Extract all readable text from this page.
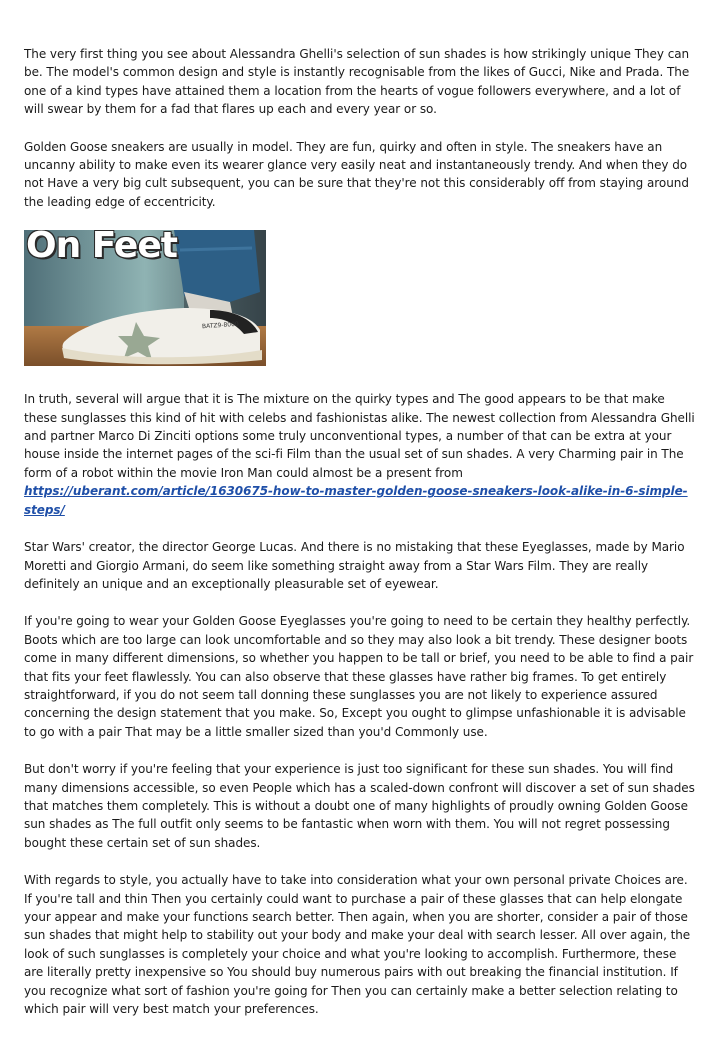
The very first thing you see about Alessandra Ghelli's selection of sun shades is how strikingly unique They can be. The model's common design and style is instantly recognisable from the likes of Gucci, Nike and Prada. The one of a kind types have attained them a location from the hearts of vogue followers everywhere, and a lot of will swear by them for a fad that flares up each and every year or so.

Golden Goose sneakers are usually in model. They are fun, quirky and often in style. The sneakers have an uncanny ability to make even its wearer glance very easily neat and instantaneously trendy. And when they do not Have a very big cult subsequent, you can be sure that they're not this considerably off from staying around the leading edge of eccentricity.

On Feet
BATZ9-8000

In truth, several will argue that it is The mixture on the quirky types and The good appears to be that make these sunglasses this kind of hit with celebs and fashionistas alike. The newest collection from Alessandra Ghelli and partner Marco Di Zinciti options some truly unconventional types, a number of that can be extra at your house inside the internet pages of the sci-fi Film than the usual set of sun shades. A very Charming pair in The form of a robot within the movie Iron Man could almost be a present from https://uberant.com/article/1630675-how-to-master-golden-goose-sneakers-look-alike-in-6-simple-steps/

Star Wars' creator, the director George Lucas. And there is no mistaking that these Eyeglasses, made by Mario Moretti and Giorgio Armani, do seem like something straight away from a Star Wars Film. They are really definitely an unique and an exceptionally pleasurable set of eyewear.

If you're going to wear your Golden Goose Eyeglasses you're going to need to be certain they healthy perfectly. Boots which are too large can look uncomfortable and so they may also look a bit trendy. These designer boots come in many different dimensions, so whether you happen to be tall or brief, you need to be able to find a pair that fits your feet flawlessly. You can also observe that these glasses have rather big frames. To get entirely straightforward, if you do not seem tall donning these sunglasses you are not likely to experience assured concerning the design statement that you make. So, Except you ought to glimpse unfashionable it is advisable to go with a pair That may be a little smaller sized than you'd Commonly use.

But don't worry if you're feeling that your experience is just too significant for these sun shades. You will find many dimensions accessible, so even People which has a scaled-down confront will discover a set of sun shades that matches them completely. This is without a doubt one of many highlights of proudly owning Golden Goose sun shades as The full outfit only seems to be fantastic when worn with them. You will not regret possessing bought these certain set of sun shades.

With regards to style, you actually have to take into consideration what your own personal private Choices are. If you're tall and thin Then you certainly could want to purchase a pair of these glasses that can help elongate your appear and make your functions search better. Then again, when you are shorter, consider a pair of those sun shades that might help to stability out your body and make your deal with search lesser. All over again, the look of such sunglasses is completely your choice and what you're looking to accomplish. Furthermore, these are literally pretty inexpensive so You should buy numerous pairs with out breaking the financial institution. If you recognize what sort of fashion you're going for Then you can certainly make a better selection relating to which pair will very best match your preferences.
